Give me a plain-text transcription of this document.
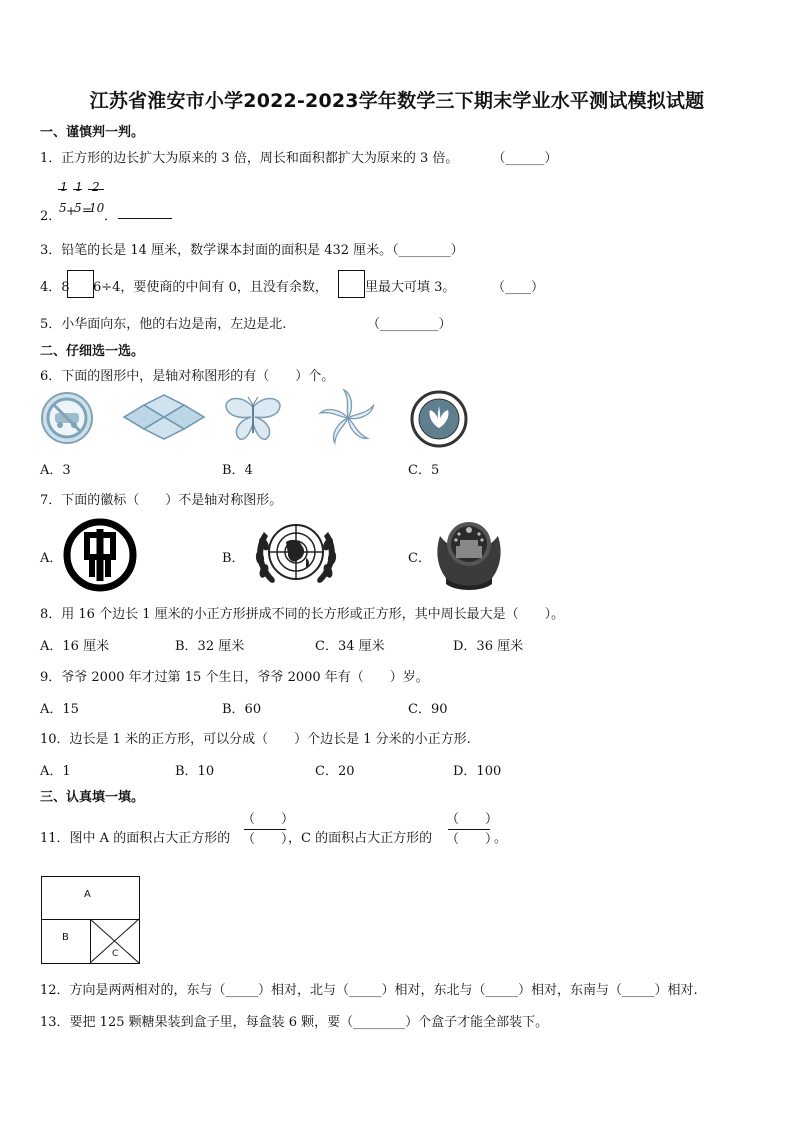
江苏省淮安市小学2022-2023学年数学三下期末学业水平测试模拟试题
一、谨慎判一判。
1．正方形的边长扩大为原来的 3 倍，周长和面积都扩大为原来的 3 倍。	（______）
2．
1
5 +
1
5 =
2
10
．
3．铅笔的长是 14 厘米，数学课本封面的面积是 432 厘米。（________）
4．8 6÷4，要使商的中间有 0，且没有余数，	里最大可填 3。	（____）
5．小华面向东，他的右边是南，左边是北.	（_________）
二、仔细选一选。
6．下面的图形中，是轴对称图形的有（　　）个。
A．3	B．4	C．5
7．下面的徽标（　　）不是轴对称图形。
A．	B．	C．
8．用 16 个边长 1 厘米的小正方形拼成不同的长方形或正方形，其中周长最大是（　　）。
A．16 厘米	B．32 厘米	C．34 厘米	D．36 厘米
9．爷爷 2000 年才过第 15 个生日，爷爷 2000 年有（　　）岁。
A．15	B．60	C．90
10．边长是 1 米的正方形，可以分成（　　）个边长是 1 分米的小正方形.
A．1	B．10	C．20	D．100
三、认真填一填。
11．图中 A 的面积占大正方形的
（　　）
（　　）
，C 的面积占大正方形的
（　　）
（　　）
。
A
B
C
12．方向是两两相对的，东与（_____）相对，北与（_____）相对，东北与（_____）相对，东南与（_____）相对.
13．要把 125 颗糖果装到盒子里，每盒装 6 颗，要（________）个盒子才能全部装下。
